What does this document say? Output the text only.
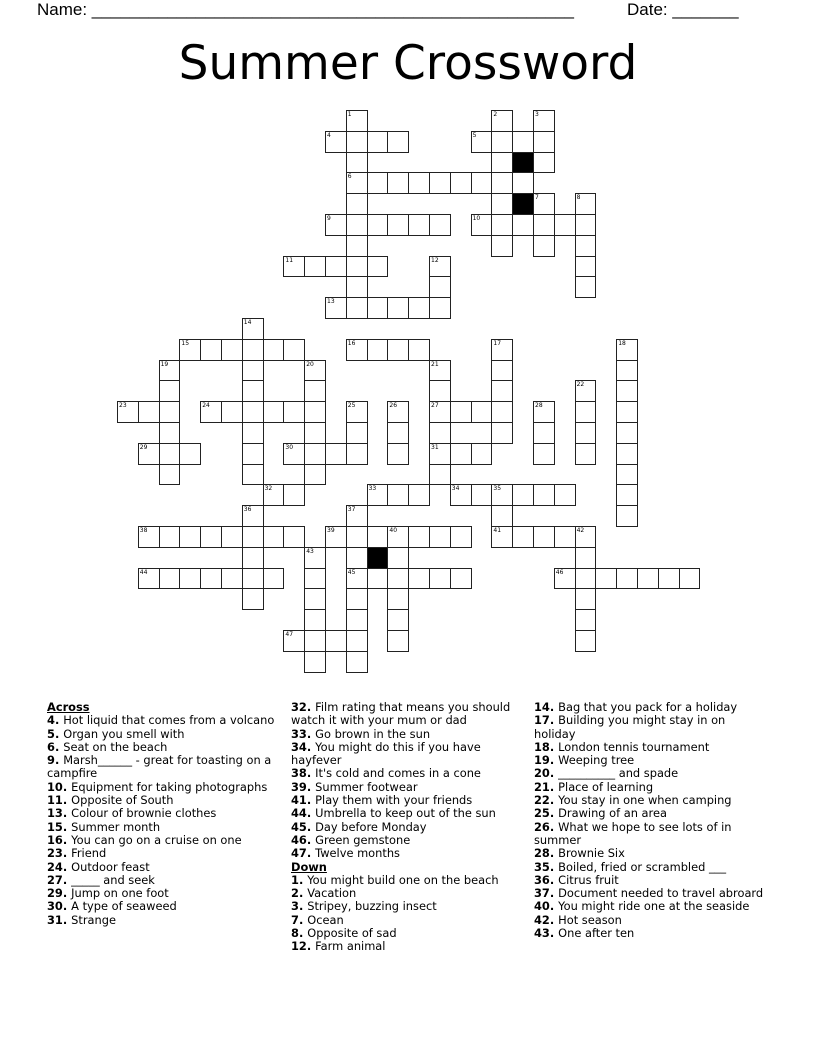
Name: ___________________________________________________	Date: _______
Summer Crossword
4	5
6
9	10
11
13
15	16
23	24	27
29	30	31
32	33	34	35
38	39	40	41	42
44	45	46
47
1	2	3
7	8
12
14
17	18
19	20	21
22
25	26	28
36	37
43
Across
4. Hot liquid that comes from a volcano
5. Organ you smell with
6. Seat on the beach
9. Marsh______ - great for toasting on a campfire
10. Equipment for taking photographs
11. Opposite of South
13. Colour of brownie clothes
15. Summer month
16. You can go on a cruise on one
23. Friend
24. Outdoor feast
27. _____ and seek
29. Jump on one foot
30. A type of seaweed
31. Strange
32. Film rating that means you should watch it with your mum or dad
33. Go brown in the sun
34. You might do this if you have hayfever
38. It's cold and comes in a cone
39. Summer footwear
41. Play them with your friends
44. Umbrella to keep out of the sun
45. Day before Monday
46. Green gemstone
47. Twelve months
Down
1. You might build one on the beach
2. Vacation
3. Stripey, buzzing insect
7. Ocean
8. Opposite of sad
12. Farm animal
14. Bag that you pack for a holiday
17. Building you might stay in on holiday
18. London tennis tournament
19. Weeping tree
20. __________ and spade
21. Place of learning
22. You stay in one when camping
25. Drawing of an area
26. What we hope to see lots of in summer
28. Brownie Six
35. Boiled, fried or scrambled ___
36. Citrus fruit
37. Document needed to travel abroard
40. You might ride one at the seaside
42. Hot season
43. One after ten
